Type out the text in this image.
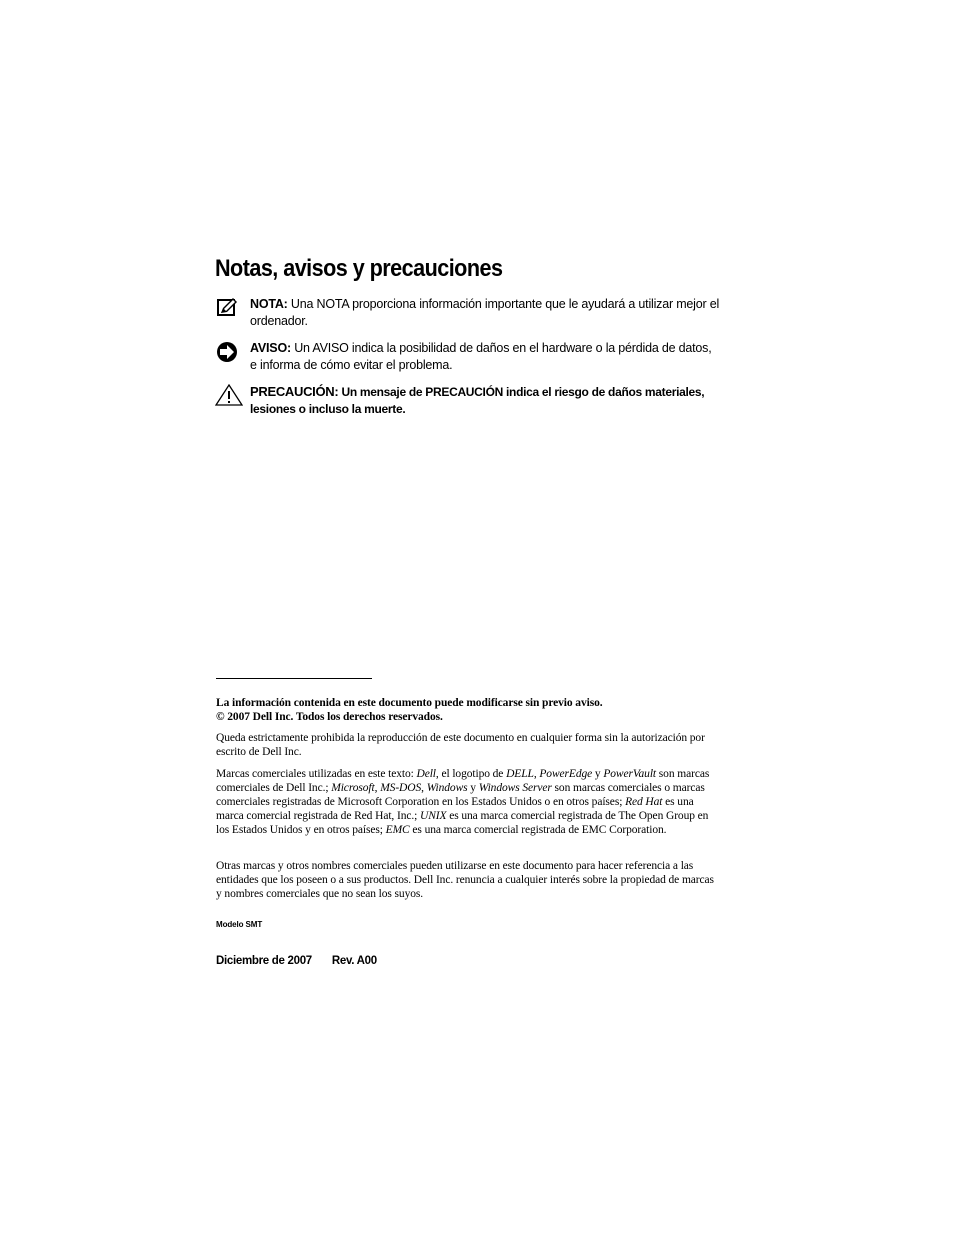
Notas, avisos y precauciones
NOTA: Una NOTA proporciona información importante que le ayudará a utilizar mejor el ordenador.
AVISO: Un AVISO indica la posibilidad de daños en el hardware o la pérdida de datos, e informa de cómo evitar el problema.
PRECAUCIÓN: Un mensaje de PRECAUCIÓN indica el riesgo de daños materiales, lesiones o incluso la muerte.

La información contenida en este documento puede modificarse sin previo aviso.
© 2007 Dell Inc. Todos los derechos reservados.

Queda estrictamente prohibida la reproducción de este documento en cualquier forma sin la autorización por escrito de Dell Inc.

Marcas comerciales utilizadas en este texto: Dell, el logotipo de DELL, PowerEdge y PowerVault son marcas comerciales de Dell Inc.; Microsoft, MS-DOS, Windows y Windows Server son marcas comerciales o marcas comerciales registradas de Microsoft Corporation en los Estados Unidos o en otros países; Red Hat es una marca comercial registrada de Red Hat, Inc.; UNIX es una marca comercial registrada de The Open Group en los Estados Unidos y en otros países; EMC es una marca comercial registrada de EMC Corporation.

Otras marcas y otros nombres comerciales pueden utilizarse en este documento para hacer referencia a las entidades que los poseen o a sus productos. Dell Inc. renuncia a cualquier interés sobre la propiedad de marcas y nombres comerciales que no sean los suyos.

Modelo SMT
Diciembre de 2007 Rev. A00
